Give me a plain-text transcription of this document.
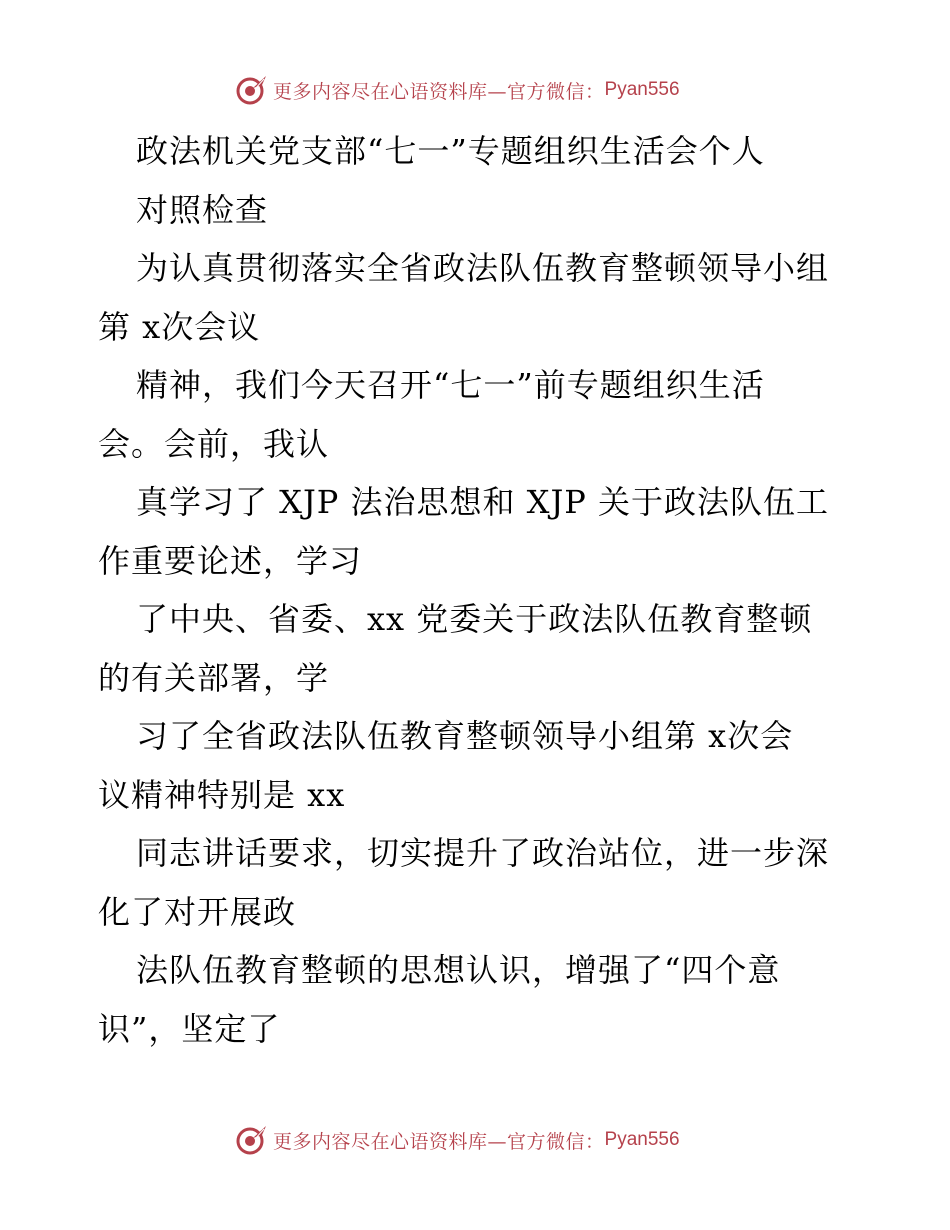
更多内容尽在心语资料库—官方微信： Pyan556
政法机关党支部“七一”专题组织生活会个人
对照检查
为认真贯彻落实全省政法队伍教育整顿领导小组
第 x次会议
精神，我们今天召开“七一”前专题组织生活
会。会前，我认
真学习了 XJP 法治思想和 XJP 关于政法队伍工
作重要论述，学习
了中央、省委、xx 党委关于政法队伍教育整顿
的有关部署，学
习了全省政法队伍教育整顿领导小组第 x次会
议精神特别是 xx
同志讲话要求，切实提升了政治站位，进一步深
化了对开展政
法队伍教育整顿的思想认识，增强了“四个意
识”，坚定了
更多内容尽在心语资料库—官方微信： Pyan556
